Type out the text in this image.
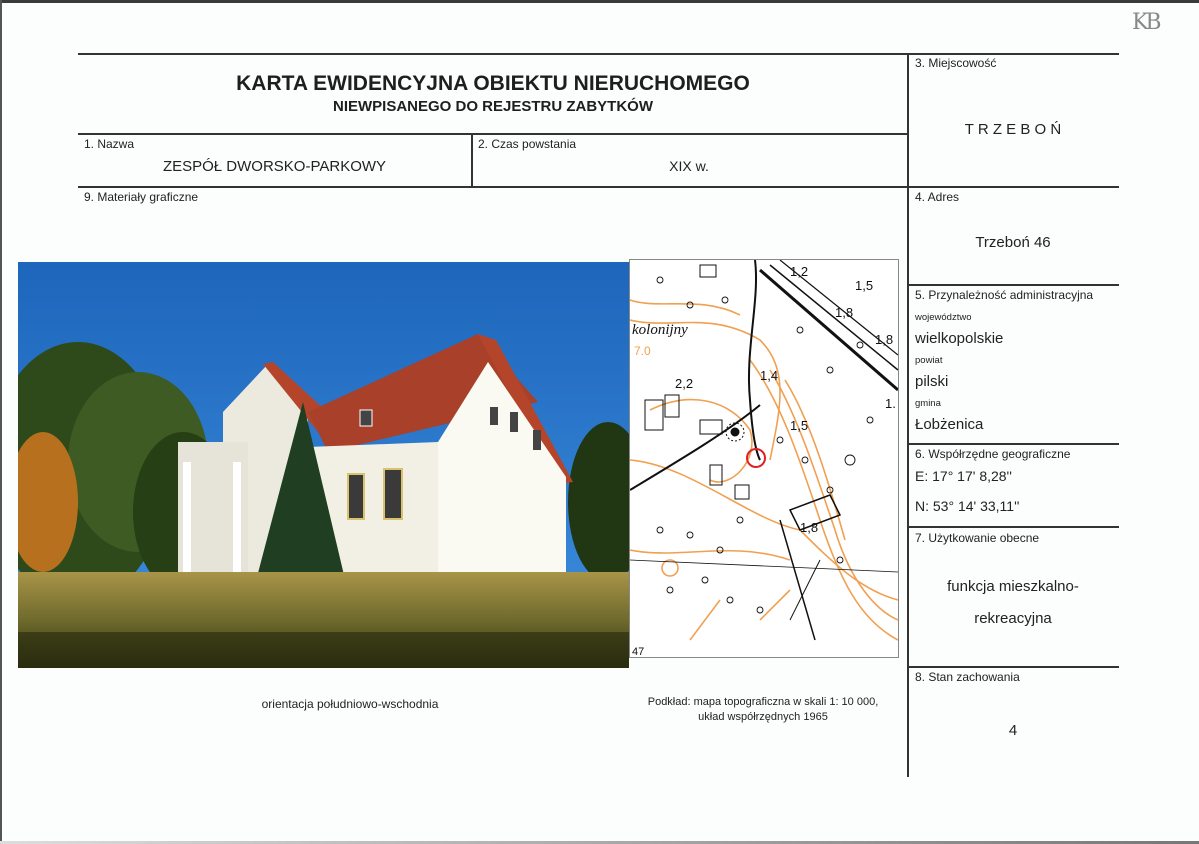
KB
KARTA EWIDENCYJNA OBIEKTU NIERUCHOMEGO
NIEWPISANEGO DO REJESTRU ZABYTKÓW
1. Nazwa
ZESPÓŁ DWORSKO-PARKOWY
2. Czas powstania
XIX w.
3. Miejscowość
T R Z E B O Ń
4. Adres
Trzeboń 46
5. Przynależność administracyjna
województwo
wielkopolskie
powiat
pilski
gmina
Łobżenica
6. Współrzędne geograficzne
E: 17° 17' 8,28''
N: 53° 14' 33,11''
7. Użytkowanie obecne
funkcja mieszkalno-
rekreacyjna
8. Stan zachowania
4
9. Materiały graficzne
kolonijny
1,2
1,5
1,8
1,8
2,2
1,4
1,5
1,8
1.
47
7.0
orientacja południowo-wschodnia	Podkład: mapa topograficzna w skali 1: 10 000,
układ współrzędnych 1965
